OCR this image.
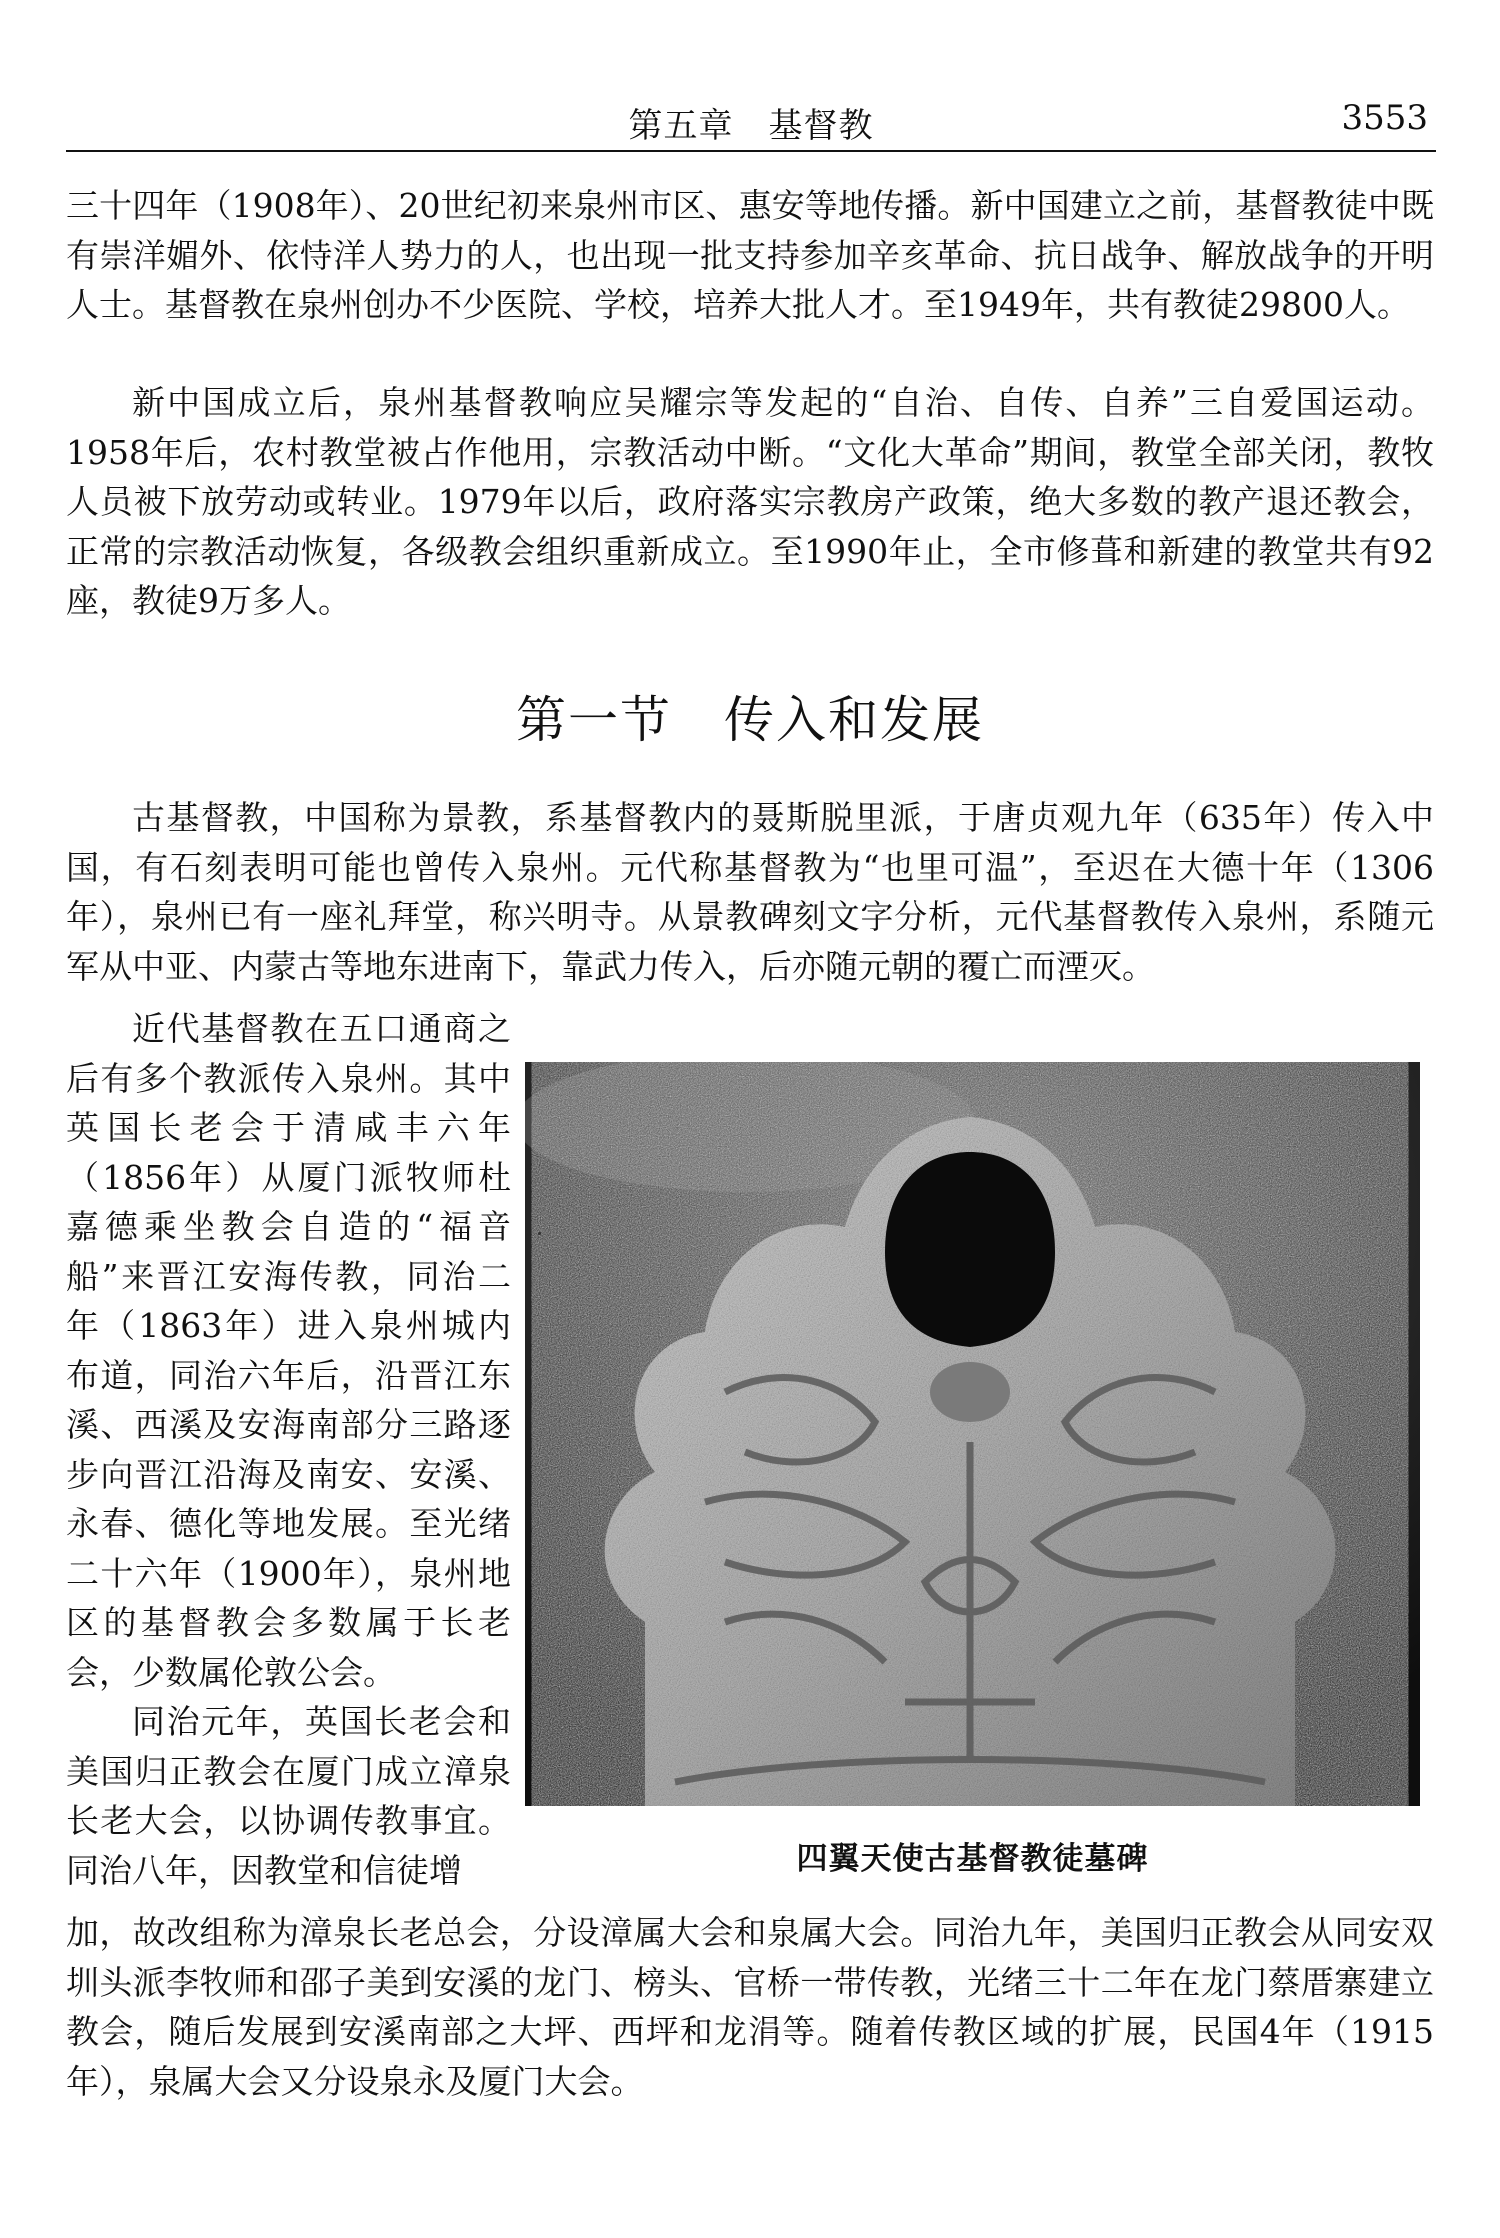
第五章　基督教	3553

三十四年（1908年）、20世纪初来泉州市区、惠安等地传播。新中国建立之前，基督教徒中既有崇洋媚外、依恃洋人势力的人，也出现一批支持参加辛亥革命、抗日战争、解放战争的开明人士。基督教在泉州创办不少医院、学校，培养大批人才。至1949年，共有教徒29800人。

新中国成立后，泉州基督教响应吴耀宗等发起的“自治、自传、自养”三自爱国运动。1958年后，农村教堂被占作他用，宗教活动中断。“文化大革命”期间，教堂全部关闭，教牧人员被下放劳动或转业。1979年以后，政府落实宗教房产政策，绝大多数的教产退还教会，正常的宗教活动恢复，各级教会组织重新成立。至1990年止，全市修葺和新建的教堂共有92座，教徒9万多人。

第一节　传入和发展

古基督教，中国称为景教，系基督教内的聂斯脱里派，于唐贞观九年（635年）传入中国，有石刻表明可能也曾传入泉州。元代称基督教为“也里可温”，至迟在大德十年（1306年），泉州已有一座礼拜堂，称兴明寺。从景教碑刻文字分析，元代基督教传入泉州，系随元军从中亚、内蒙古等地东进南下，靠武力传入，后亦随元朝的覆亡而湮灭。

近代基督教在五口通商之后有多个教派传入泉州。其中英国长老会于清咸丰六年（1856年）从厦门派牧师杜嘉德乘坐教会自造的“福音船”来晋江安海传教，同治二年（1863年）进入泉州城内布道，同治六年后，沿晋江东溪、西溪及安海南部分三路逐步向晋江沿海及南安、安溪、永春、德化等地发展。至光绪二十六年（1900年），泉州地区的基督教会多数属于长老会，少数属伦敦公会。

同治元年，英国长老会和美国归正教会在厦门成立漳泉长老大会，以协调传教事宜。同治八年，因教堂和信徒增

加，故改组称为漳泉长老总会，分设漳属大会和泉属大会。同治九年，美国归正教会从同安双圳头派李牧师和邵子美到安溪的龙门、榜头、官桥一带传教，光绪三十二年在龙门蔡厝寨建立教会，随后发展到安溪南部之大坪、西坪和龙涓等。随着传教区域的扩展，民国4年（1915年），泉属大会又分设泉永及厦门大会。

四翼天使古基督教徒墓碑
